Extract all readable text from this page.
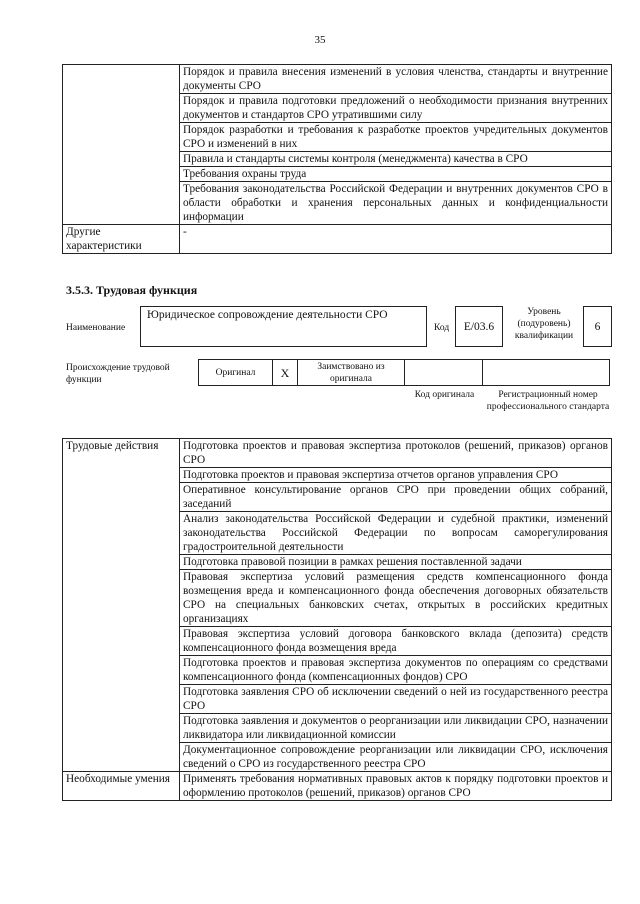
35
	Порядок и правила внесения изменений в условия членства, стандарты и внутренние документы СРО
	Порядок и правила подготовки предложений о необходимости признания внутренних документов и стандартов СРО утратившими силу
	Порядок разработки и требования к разработке проектов учредительных документов СРО и изменений в них
	Правила и стандарты системы контроля (менеджмента) качества в СРО
	Требования охраны труда
	Требования законодательства Российской Федерации и внутренних документов СРО в области обработки и хранения персональных данных и конфиденциальности информации
Другие характеристики	-
3.5.3. Трудовая функция
Наименование
Юридическое сопровождение деятельности СРО
Код	E/03.6
Уровень (подуровень) квалификации
6
Происхождение трудовой функции
Оригинал	X	Заимствовано из оригинала
Код оригинала	Регистрационный номер профессионального стандарта
Трудовые действия	Подготовка проектов и правовая экспертиза протоколов (решений, приказов) органов СРО
	Подготовка проектов и правовая экспертиза отчетов органов управления СРО
	Оперативное консультирование органов СРО при проведении общих собраний, заседаний
	Анализ законодательства Российской Федерации и судебной практики, изменений законодательства Российской Федерации по вопросам саморегулирования градостроительной деятельности
	Подготовка правовой позиции в рамках решения поставленной задачи
	Правовая экспертиза условий размещения средств компенсационного фонда возмещения вреда и компенсационного фонда обеспечения договорных обязательств СРО на специальных банковских счетах, открытых в российских кредитных организациях
	Правовая экспертиза условий договора банковского вклада (депозита) средств компенсационного фонда возмещения вреда
	Подготовка проектов и правовая экспертиза документов по операциям со средствами компенсационного фонда (компенсационных фондов) СРО
	Подготовка заявления СРО об исключении сведений о ней из государственного реестра СРО
	Подготовка заявления и документов о реорганизации или ликвидации СРО, назначении ликвидатора или ликвидационной комиссии
	Документационное сопровождение реорганизации или ликвидации СРО, исключения сведений о СРО из государственного реестра СРО
Необходимые умения	Применять требования нормативных правовых актов к порядку подготовки проектов и оформлению протоколов (решений, приказов) органов СРО
